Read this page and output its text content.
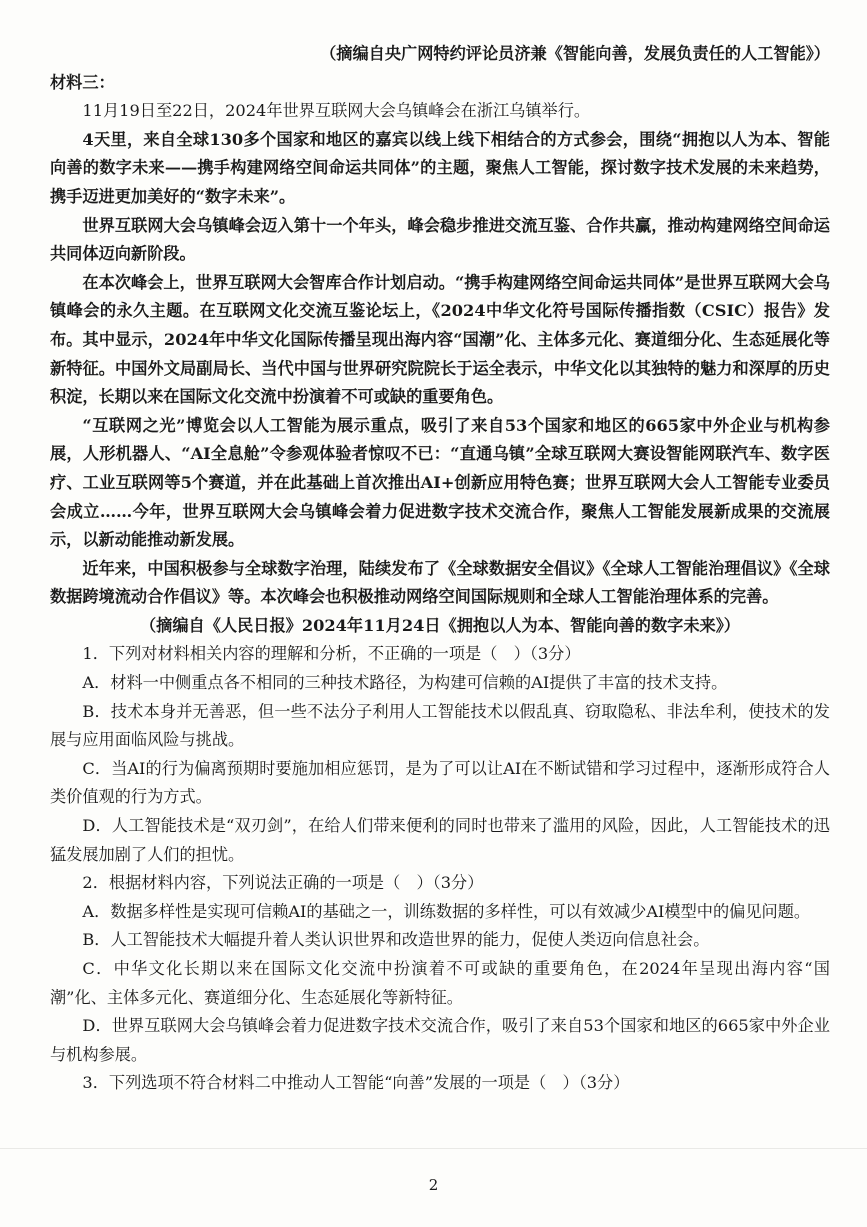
（摘编自央广网特约评论员济兼《智能向善，发展负责任的人工智能》）

材料三：

11月19日至22日，2024年世界互联网大会乌镇峰会在浙江乌镇举行。

4天里，来自全球130多个国家和地区的嘉宾以线上线下相结合的方式参会，围绕“拥抱以人为本、智能向善的数字未来——携手构建网络空间命运共同体”的主题，聚焦人工智能，探讨数字技术发展的未来趋势，携手迈进更加美好的“数字未来”。

世界互联网大会乌镇峰会迈入第十一个年头，峰会稳步推进交流互鉴、合作共赢，推动构建网络空间命运共同体迈向新阶段。

在本次峰会上，世界互联网大会智库合作计划启动。“携手构建网络空间命运共同体”是世界互联网大会乌镇峰会的永久主题。在互联网文化交流互鉴论坛上，《2024中华文化符号国际传播指数（CSIC）报告》发布。其中显示，2024年中华文化国际传播呈现出海内容“国潮”化、主体多元化、赛道细分化、生态延展化等新特征。中国外文局副局长、当代中国与世界研究院院长于运全表示，中华文化以其独特的魅力和深厚的历史积淀，长期以来在国际文化交流中扮演着不可或缺的重要角色。

“互联网之光”博览会以人工智能为展示重点，吸引了来自53个国家和地区的665家中外企业与机构参展，人形机器人、“AI全息舱”令参观体验者惊叹不已：“直通乌镇”全球互联网大赛设智能网联汽车、数字医疗、工业互联网等5个赛道，并在此基础上首次推出AI+创新应用特色赛；世界互联网大会人工智能专业委员会成立……今年，世界互联网大会乌镇峰会着力促进数字技术交流合作，聚焦人工智能发展新成果的交流展示，以新动能推动新发展。

近年来，中国积极参与全球数字治理，陆续发布了《全球数据安全倡议》《全球人工智能治理倡议》《全球数据跨境流动合作倡议》等。本次峰会也积极推动网络空间国际规则和全球人工智能治理体系的完善。

（摘编自《人民日报》2024年11月24日《拥抱以人为本、智能向善的数字未来》）

1．下列对材料相关内容的理解和分析，不正确的一项是（　）（3分）

A．材料一中侧重点各不相同的三种技术路径，为构建可信赖的AI提供了丰富的技术支持。

B．技术本身并无善恶，但一些不法分子利用人工智能技术以假乱真、窃取隐私、非法牟利，使技术的发展与应用面临风险与挑战。

C．当AI的行为偏离预期时要施加相应惩罚，是为了可以让AI在不断试错和学习过程中，逐渐形成符合人类价值观的行为方式。

D．人工智能技术是“双刃剑”，在给人们带来便利的同时也带来了滥用的风险，因此，人工智能技术的迅猛发展加剧了人们的担忧。

2．根据材料内容，下列说法正确的一项是（　）（3分）

A．数据多样性是实现可信赖AI的基础之一，训练数据的多样性，可以有效减少AI模型中的偏见问题。

B．人工智能技术大幅提升着人类认识世界和改造世界的能力，促使人类迈向信息社会。

C．中华文化长期以来在国际文化交流中扮演着不可或缺的重要角色，在2024年呈现出海内容“国潮”化、主体多元化、赛道细分化、生态延展化等新特征。

D．世界互联网大会乌镇峰会着力促进数字技术交流合作，吸引了来自53个国家和地区的665家中外企业与机构参展。

3．下列选项不符合材料二中推动人工智能“向善”发展的一项是（　）（3分）

2
